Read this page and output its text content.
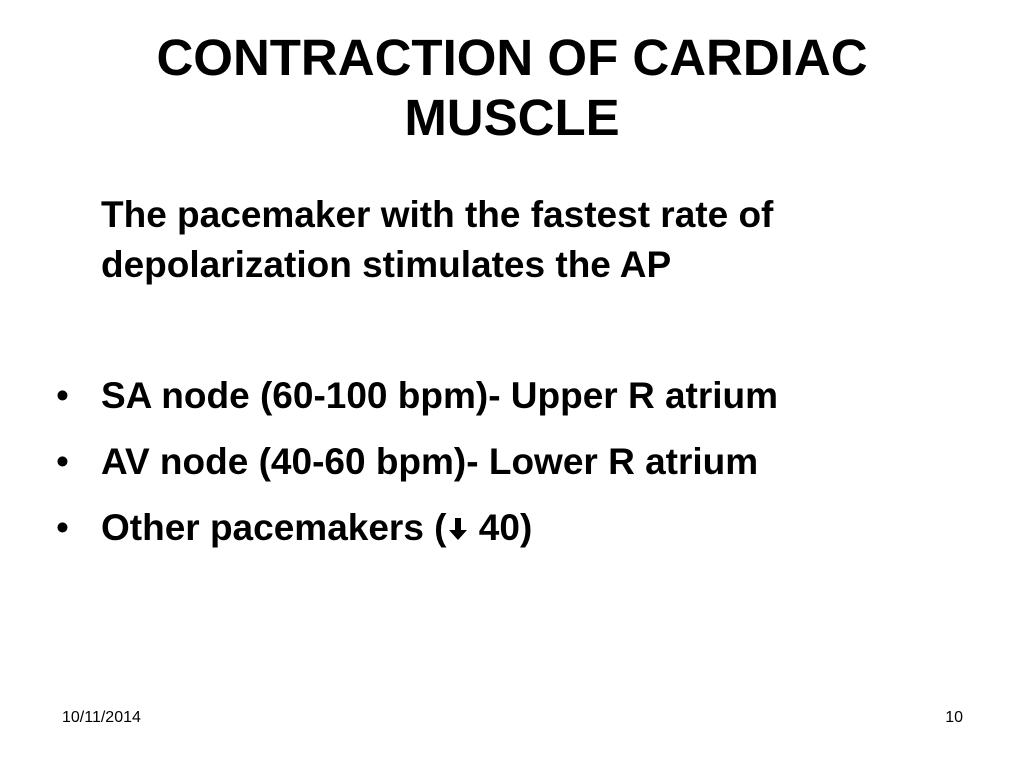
CONTRACTION OF CARDIAC
MUSCLE

The pacemaker with the fastest rate of
depolarization stimulates the AP

• SA node (60-100 bpm)- Upper R atrium
• AV node (40-60 bpm)- Lower R atrium
• Other pacemakers ( 40)
10/11/2014	10
